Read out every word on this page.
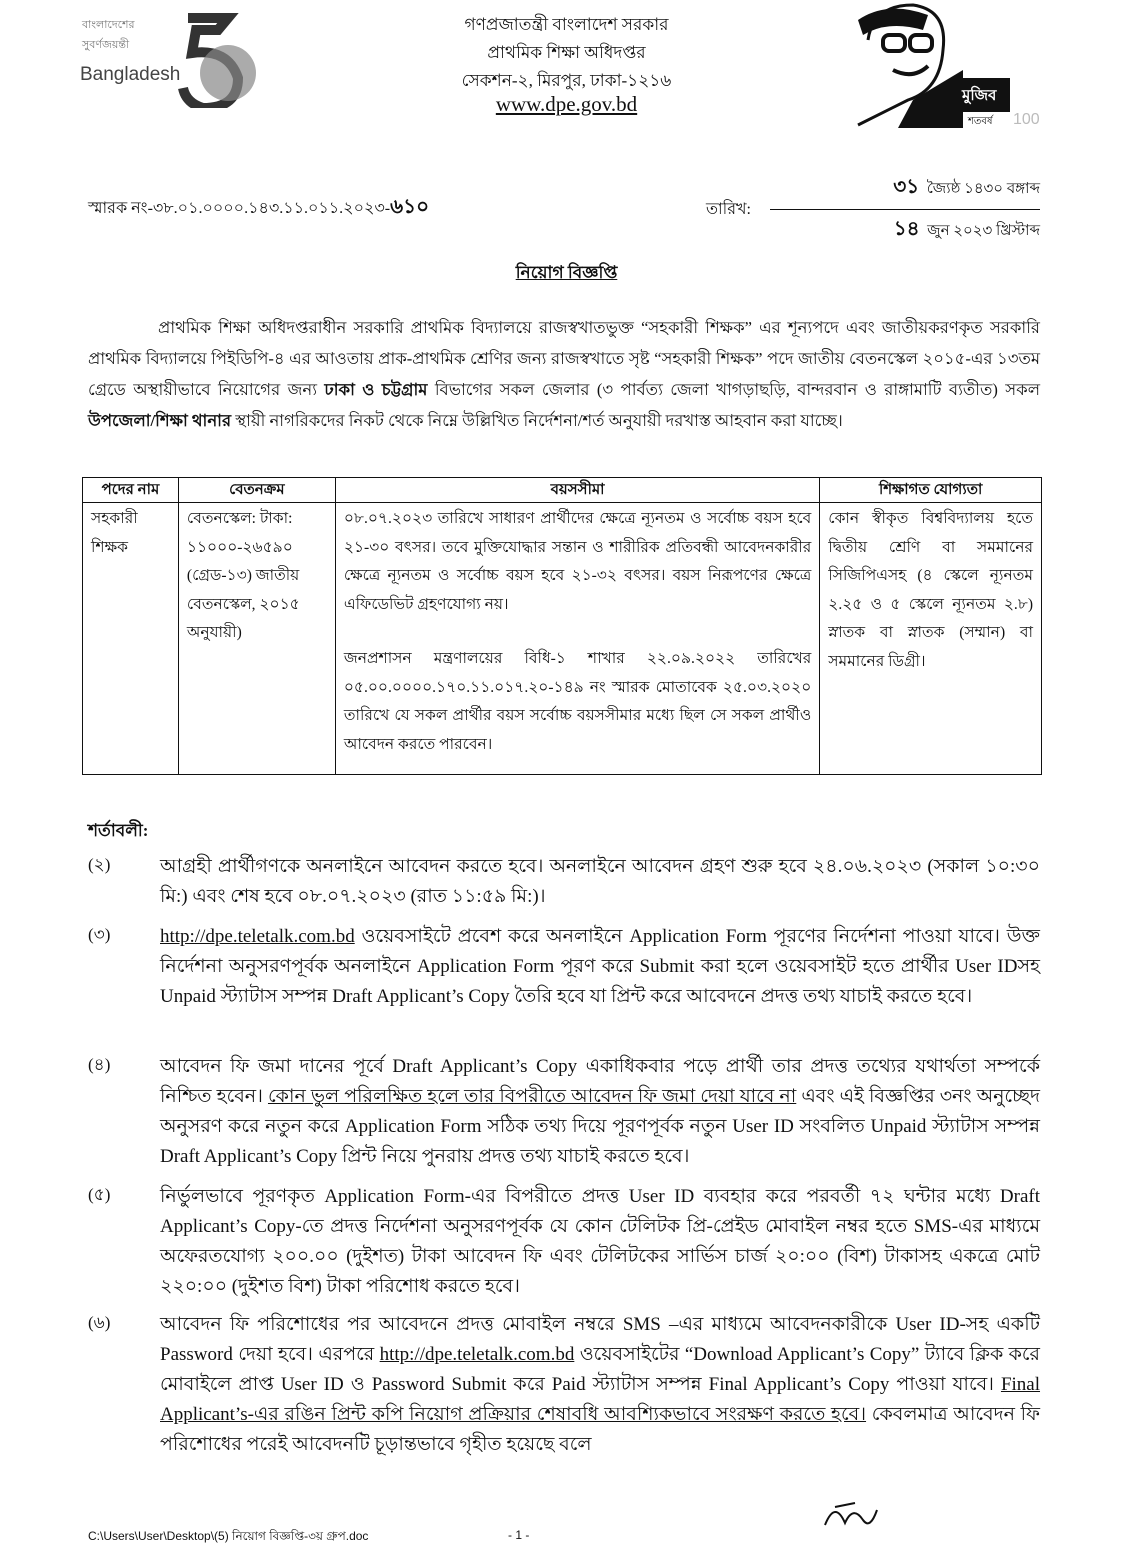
বাংলাদেশের
সুবর্ণজয়ন্তী
Bangladesh
গণপ্রজাতন্ত্রী বাংলাদেশ সরকার
প্রাথমিক শিক্ষা অধিদপ্তর
সেকশন-২, মিরপুর, ঢাকা-১২১৬
www.dpe.gov.bd	মুজিব
শতবর্ষ 100
স্মারক নং-৩৮.০১.০০০০.১৪৩.১১.০১১.২০২৩-৬১০	তারিখ:
৩১ জ্যৈষ্ঠ ১৪৩০ বঙ্গাব্দ
১৪ জুন ২০২৩ খ্রিস্টাব্দ
নিয়োগ বিজ্ঞপ্তি
প্রাথমিক শিক্ষা অধিদপ্তরাধীন সরকারি প্রাথমিক বিদ্যালয়ে রাজস্বখাতভুক্ত “সহকারী শিক্ষক” এর শূন্যপদে এবং জাতীয়করণকৃত সরকারি প্রাথমিক বিদ্যালয়ে পিইডিপি-৪ এর আওতায় প্রাক-প্রাথমিক শ্রেণির জন্য রাজস্বখাতে সৃষ্ট “সহকারী শিক্ষক” পদে জাতীয় বেতনস্কেল ২০১৫-এর ১৩তম গ্রেডে অস্থায়ীভাবে নিয়োগের জন্য ঢাকা ও চট্টগ্রাম বিভাগের সকল জেলার (৩ পার্বত্য জেলা খাগড়াছড়ি, বান্দরবান ও রাঙ্গামাটি ব্যতীত) সকল উপজেলা/শিক্ষা থানার স্থায়ী নাগরিকদের নিকট থেকে নিম্নে উল্লিখিত নির্দেশনা/শর্ত অনুযায়ী দরখাস্ত আহবান করা যাচ্ছে।
পদের নাম	বেতনক্রম	বয়সসীমা	শিক্ষাগত যোগ্যতা
সহকারী শিক্ষক	বেতনস্কেল: টাকা: ১১০০০-২৬৫৯০ (গ্রেড-১৩) জাতীয় বেতনস্কেল, ২০১৫ অনুযায়ী)	০৮.০৭.২০২৩ তারিখে সাধারণ প্রার্থীদের ক্ষেত্রে ন্যূনতম ও সর্বোচ্চ বয়স হবে ২১-৩০ বৎসর। তবে মুক্তিযোদ্ধার সন্তান ও শারীরিক প্রতিবন্ধী আবেদনকারীর ক্ষেত্রে ন্যূনতম ও সর্বোচ্চ বয়স হবে ২১-৩২ বৎসর। বয়স নিরূপণের ক্ষেত্রে এফিডেভিট গ্রহণযোগ্য নয়।
জনপ্রশাসন মন্ত্রণালয়ের বিধি-১ শাখার ২২.০৯.২০২২ তারিখের ০৫.০০.০০০০.১৭০.১১.০১৭.২০-১৪৯ নং স্মারক মোতাবেক ২৫.০৩.২০২০ তারিখে যে সকল প্রার্থীর বয়স সর্বোচ্চ বয়সসীমার মধ্যে ছিল সে সকল প্রার্থীও আবেদন করতে পারবেন।	কোন স্বীকৃত বিশ্ববিদ্যালয় হতে দ্বিতীয় শ্রেণি বা সমমানের সিজিপিএসহ (৪ স্কেলে ন্যূনতম ২.২৫ ও ৫ স্কেলে ন্যূনতম ২.৮) স্নাতক বা স্নাতক (সম্মান) বা সমমানের ডিগ্রী।
শর্তাবলী:
(২)	আগ্রহী প্রার্থীগণকে অনলাইনে আবেদন করতে হবে। অনলাইনে আবেদন গ্রহণ শুরু হবে ২৪.০৬.২০২৩ (সকাল ১০:৩০ মি:) এবং শেষ হবে ০৮.০৭.২০২৩ (রাত ১১:৫৯ মি:)।
(৩)	http://dpe.teletalk.com.bd ওয়েবসাইটে প্রবেশ করে অনলাইনে Application Form পূরণের নির্দেশনা পাওয়া যাবে। উক্ত নির্দেশনা অনুসরণপূর্বক অনলাইনে Application Form পূরণ করে Submit করা হলে ওয়েবসাইট হতে প্রার্থীর User IDসহ Unpaid স্ট্যাটাস সম্পন্ন Draft Applicant’s Copy তৈরি হবে যা প্রিন্ট করে আবেদনে প্রদত্ত তথ্য যাচাই করতে হবে।
(৪)	আবেদন ফি জমা দানের পূর্বে Draft Applicant’s Copy একাধিকবার পড়ে প্রার্থী তার প্রদত্ত তথ্যের যথার্থতা সম্পর্কে নিশ্চিত হবেন। কোন ভুল পরিলক্ষিত হলে তার বিপরীতে আবেদন ফি জমা দেয়া যাবে না এবং এই বিজ্ঞপ্তির ৩নং অনুচ্ছেদ অনুসরণ করে নতুন করে Application Form সঠিক তথ্য দিয়ে পূরণপূর্বক নতুন User ID সংবলিত Unpaid স্ট্যাটাস সম্পন্ন Draft Applicant’s Copy প্রিন্ট নিয়ে পুনরায় প্রদত্ত তথ্য যাচাই করতে হবে।
(৫)	নির্ভুলভাবে পূরণকৃত Application Form-এর বিপরীতে প্রদত্ত User ID ব্যবহার করে পরবর্তী ৭২ ঘন্টার মধ্যে Draft Applicant’s Copy-তে প্রদত্ত নির্দেশনা অনুসরণপূর্বক যে কোন টেলিটক প্রি-প্রেইড মোবাইল নম্বর হতে SMS-এর মাধ্যমে অফেরতযোগ্য ২০০.০০ (দুইশত) টাকা আবেদন ফি এবং টেলিটকের সার্ভিস চার্জ ২০:০০ (বিশ) টাকাসহ একত্রে মোট ২২০:০০ (দুইশত বিশ) টাকা পরিশোধ করতে হবে।
(৬)	আবেদন ফি পরিশোধের পর আবেদনে প্রদত্ত মোবাইল নম্বরে SMS –এর মাধ্যমে আবেদনকারীকে User ID-সহ একটি Password দেয়া হবে। এরপরে http://dpe.teletalk.com.bd ওয়েবসাইটের “Download Applicant’s Copy” ট্যাবে ক্লিক করে মোবাইলে প্রাপ্ত User ID ও Password Submit করে Paid স্ট্যাটাস সম্পন্ন Final Applicant’s Copy পাওয়া যাবে। Final Applicant’s-এর রঙিন প্রিন্ট কপি নিয়োগ প্রক্রিয়ার শেষাবধি আবশ্যিকভাবে সংরক্ষণ করতে হবে। কেবলমাত্র আবেদন ফি পরিশোধের পরেই আবেদনটি চূড়ান্তভাবে গৃহীত হয়েছে বলে
C:\Users\User\Desktop\(5) নিয়োগ বিজ্ঞপ্তি-৩য় গ্রুপ.doc	- 1 -
